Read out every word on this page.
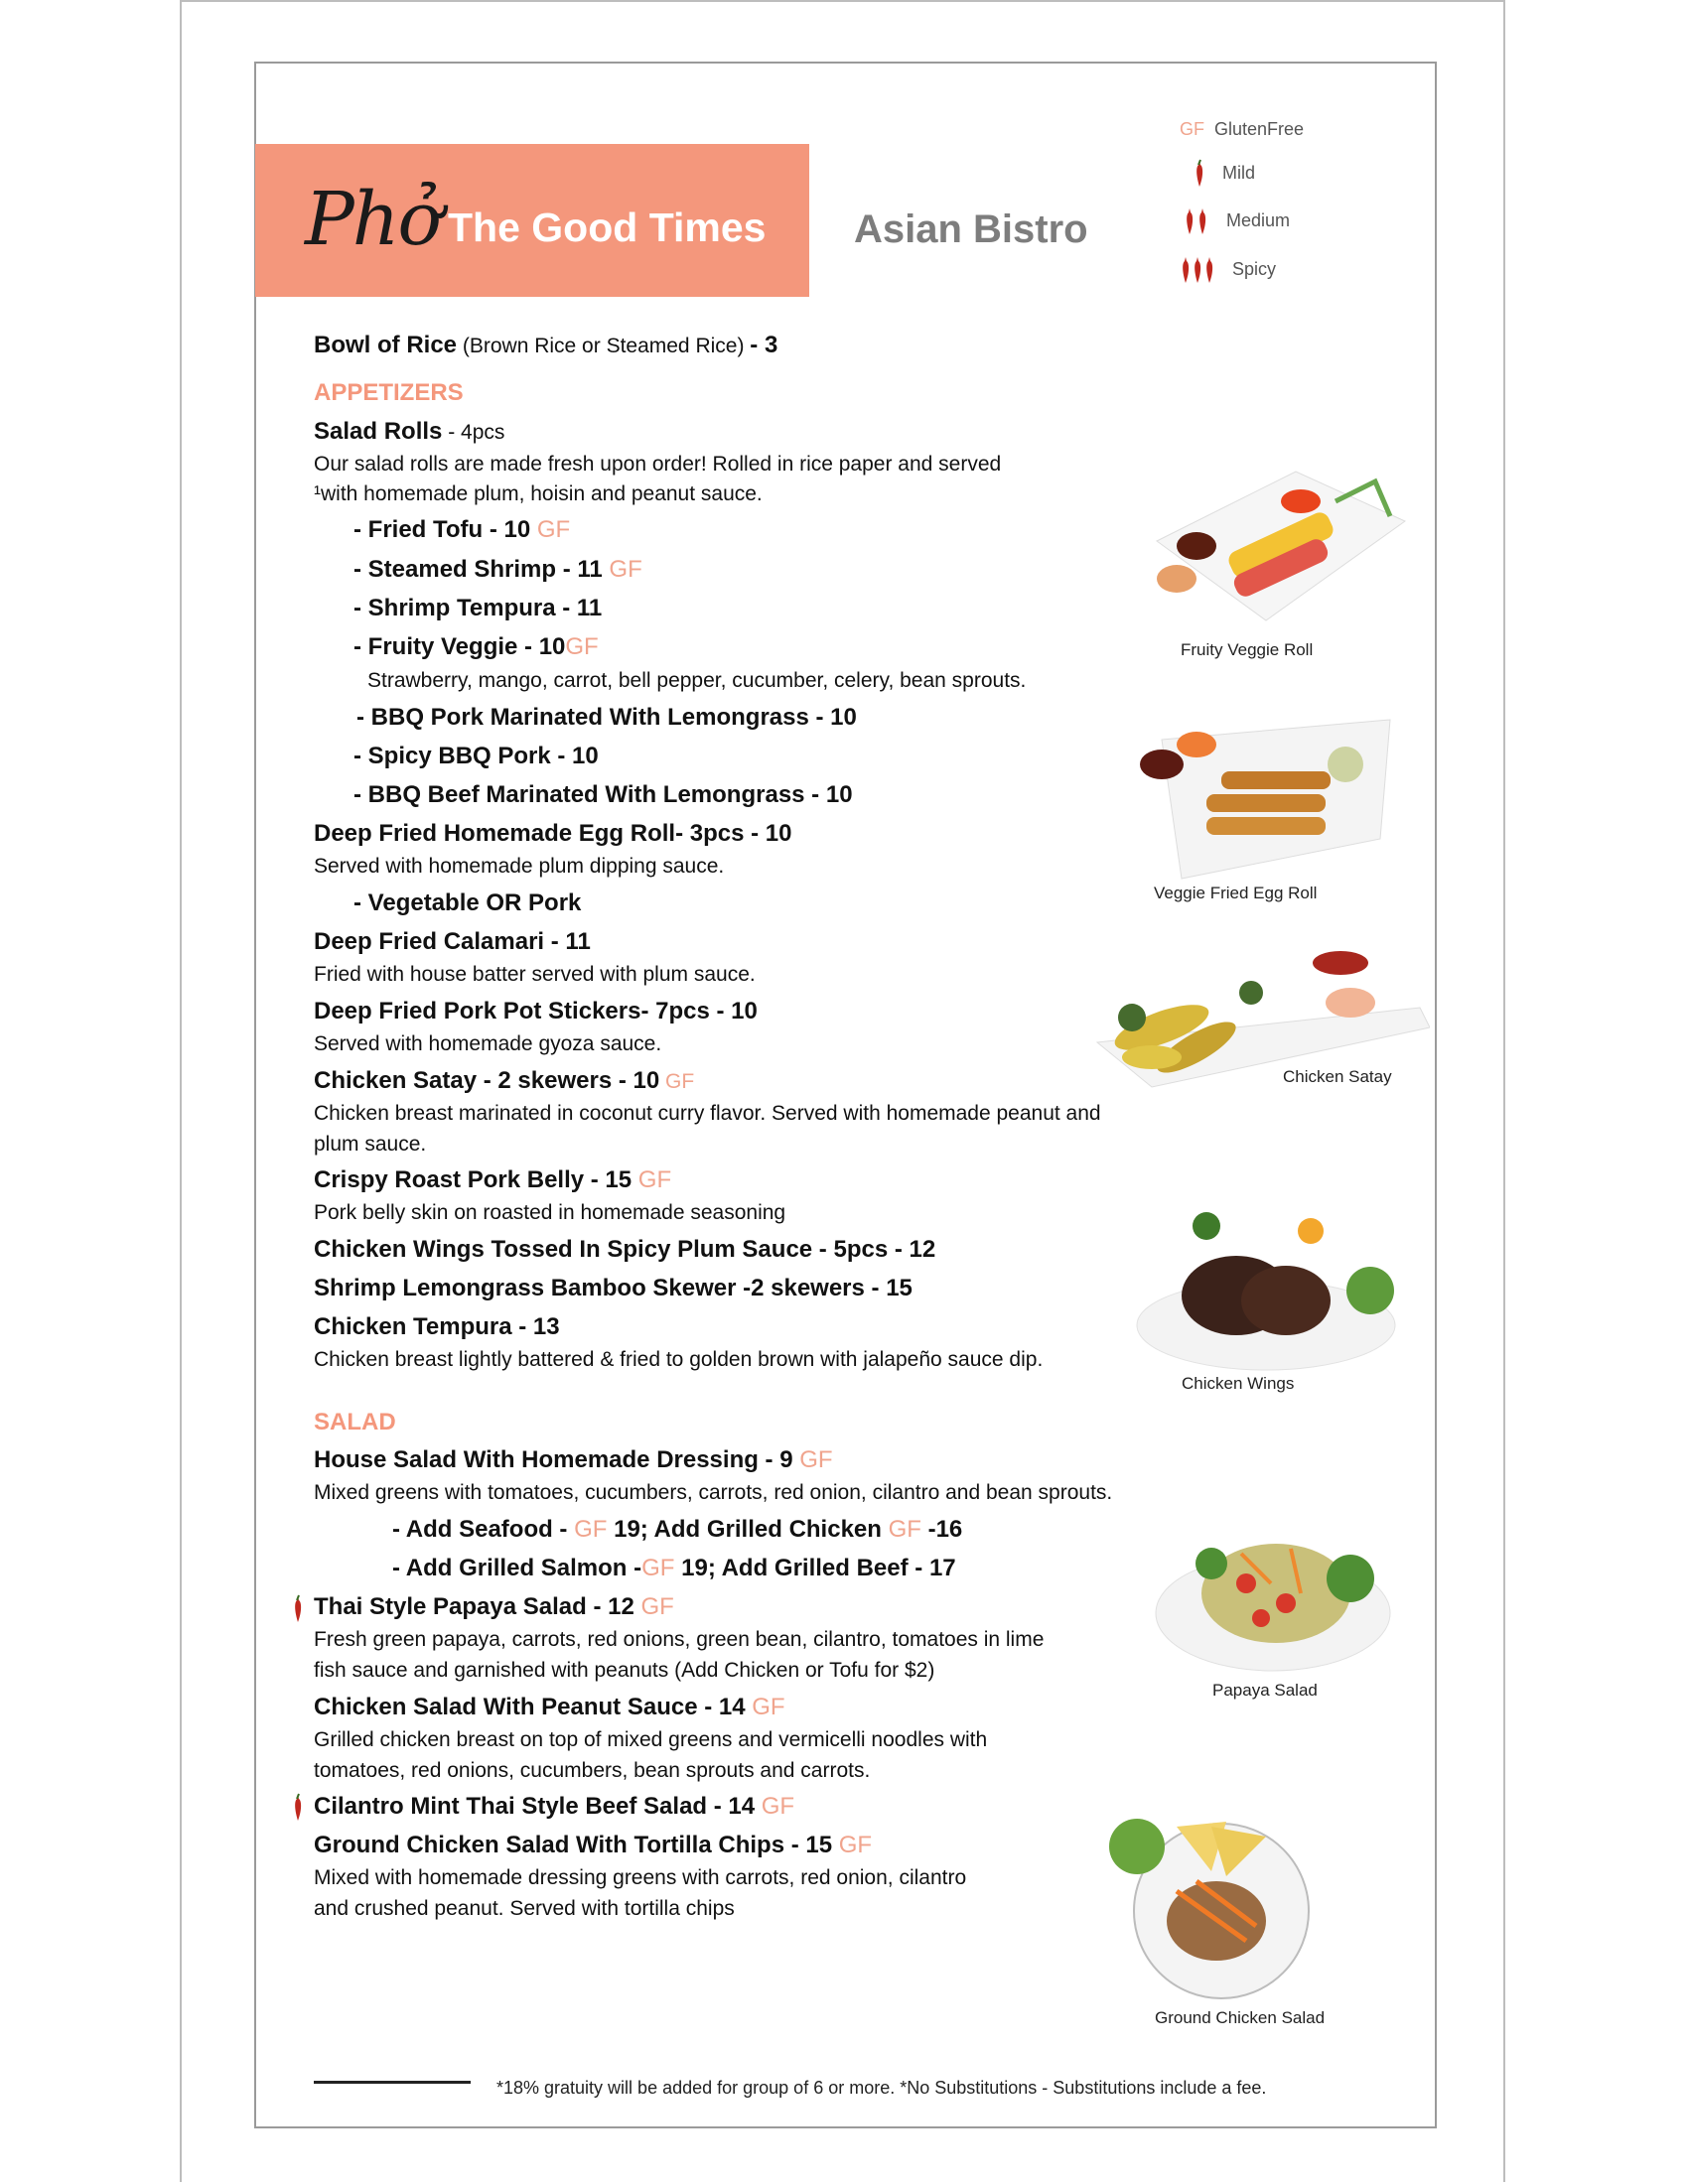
Phở The Good Times Asian Bistro
GF GlutenFree
Mild
Medium
Spicy
Bowl of Rice (Brown Rice or Steamed Rice) - 3
APPETIZERS
Salad Rolls - 4pcs
Our salad rolls are made fresh upon order! Rolled in rice paper and served
¹with homemade plum, hoisin and peanut sauce.
- Fried Tofu - 10 GF
- Steamed Shrimp - 11 GF
- Shrimp Tempura - 11
- Fruity Veggie - 10GF
Strawberry, mango, carrot, bell pepper, cucumber, celery, bean sprouts.
- BBQ Pork Marinated With Lemongrass - 10
- Spicy BBQ Pork - 10
- BBQ Beef Marinated With Lemongrass - 10
Deep Fried Homemade Egg Roll- 3pcs - 10
Served with homemade plum dipping sauce.
- Vegetable OR Pork
Deep Fried Calamari - 11
Fried with house batter served with plum sauce.
Deep Fried Pork Pot Stickers- 7pcs - 10
Served with homemade gyoza sauce.
Chicken Satay - 2 skewers - 10 GF
Chicken breast marinated in coconut curry flavor. Served with homemade peanut and
plum sauce.
Crispy Roast Pork Belly - 15 GF
Pork belly skin on roasted in homemade seasoning
Chicken Wings Tossed In Spicy Plum Sauce - 5pcs - 12
Shrimp Lemongrass Bamboo Skewer -2 skewers - 15
Chicken Tempura - 13
Chicken breast lightly battered & fried to golden brown with jalapeño sauce dip.
SALAD
House Salad With Homemade Dressing - 9 GF
Mixed greens with tomatoes, cucumbers, carrots, red onion, cilantro and bean sprouts.
- Add Seafood - GF 19; Add Grilled Chicken GF -16
- Add Grilled Salmon -GF 19; Add Grilled Beef - 17
Thai Style Papaya Salad - 12 GF
Fresh green papaya, carrots, red onions, green bean, cilantro, tomatoes in lime
fish sauce and garnished with peanuts (Add Chicken or Tofu for $2)
Chicken Salad With Peanut Sauce - 14 GF
Grilled chicken breast on top of mixed greens and vermicelli noodles with
tomatoes, red onions, cucumbers, bean sprouts and carrots.
Cilantro Mint Thai Style Beef Salad - 14 GF
Ground Chicken Salad With Tortilla Chips - 15 GF
Mixed with homemade dressing greens with carrots, red onion, cilantro
and crushed peanut. Served with tortilla chips
Fruity Veggie Roll
Veggie Fried Egg Roll
Chicken Satay
Chicken Wings
Papaya Salad
Ground Chicken Salad
*18% gratuity will be added for group of 6 or more. *No Substitutions - Substitutions include a fee.
